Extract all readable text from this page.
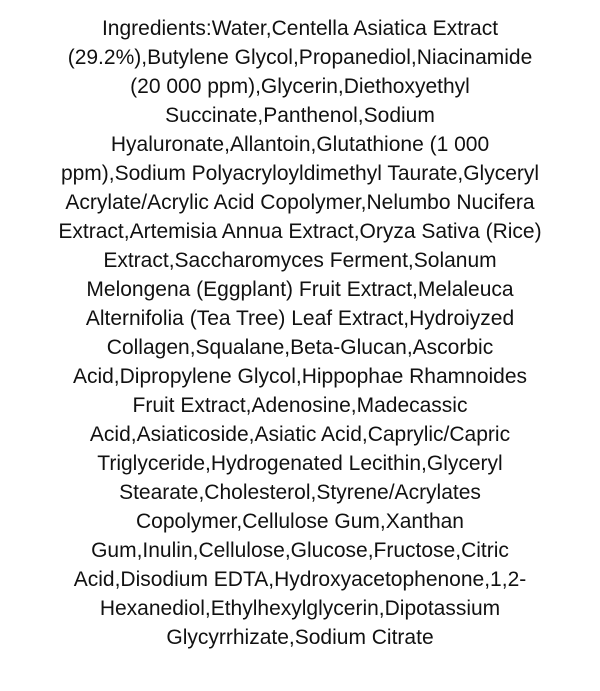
Ingredients:Water,Centella Asiatica Extract
(29.2%),Butylene Glycol,Propanediol,Niacinamide
(20 000 ppm),Glycerin,Diethoxyethyl
Succinate,Panthenol,Sodium
Hyaluronate,Allantoin,Glutathione (1 000
ppm),Sodium Polyacryloyldimethyl Taurate,Glyceryl
Acrylate/Acrylic Acid Copolymer,Nelumbo Nucifera
Extract,Artemisia Annua Extract,Oryza Sativa (Rice)
Extract,Saccharomyces Ferment,Solanum
Melongena (Eggplant) Fruit Extract,Melaleuca
Alternifolia (Tea Tree) Leaf Extract,Hydroiyzed
Collagen,Squalane,Beta-Glucan,Ascorbic
Acid,Dipropylene Glycol,Hippophae Rhamnoides
Fruit Extract,Adenosine,Madecassic
Acid,Asiaticoside,Asiatic Acid,Caprylic/Capric
Triglyceride,Hydrogenated Lecithin,Glyceryl
Stearate,Cholesterol,Styrene/Acrylates
Copolymer,Cellulose Gum,Xanthan
Gum,Inulin,Cellulose,Glucose,Fructose,Citric
Acid,Disodium EDTA,Hydroxyacetophenone,1,2-
Hexanediol,Ethylhexylglycerin,Dipotassium
Glycyrrhizate,Sodium Citrate
